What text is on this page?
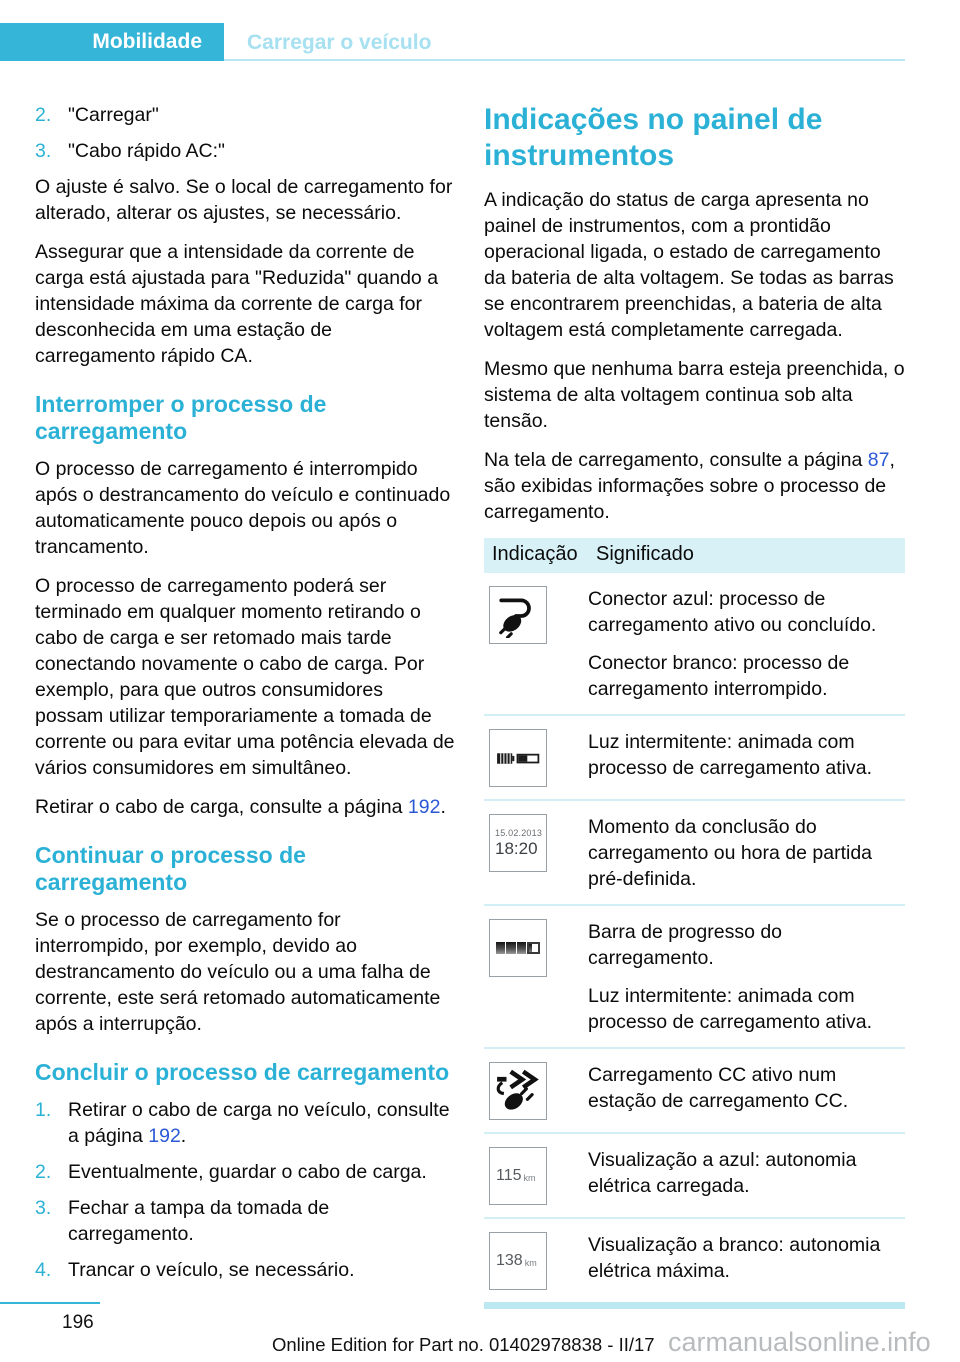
Mobilidade Carregar o veículo
2. "Carregar"
3. "Cabo rápido AC:"

O ajuste é salvo. Se o local de carregamento for alterado, alterar os ajustes, se necessário.

Assegurar que a intensidade da corrente de carga está ajustada para "Reduzida" quando a intensidade máxima da corrente de carga for desconhecida em uma estação de carregamento rápido CA.

Interromper o processo de carregamento

O processo de carregamento é interrompido após o destrancamento do veículo e continuado automaticamente pouco depois ou após o trancamento.

O processo de carregamento poderá ser terminado em qualquer momento retirando o cabo de carga e ser retomado mais tarde conectando novamente o cabo de carga. Por exemplo, para que outros consumidores possam utilizar temporariamente a tomada de corrente ou para evitar uma potência elevada de vários consumidores em simultâneo.

Retirar o cabo de carga, consulte a página 192.

Continuar o processo de carregamento

Se o processo de carregamento for interrompido, por exemplo, devido ao destrancamento do veículo ou a uma falha de corrente, este será retomado automaticamente após a interrupção.

Concluir o processo de carregamento
1. Retirar o cabo de carga no veículo, consulte a página 192.
2. Eventualmente, guardar o cabo de carga.
3. Fechar a tampa da tomada de carregamento.
4. Trancar o veículo, se necessário.
Indicações no painel de instrumentos

A indicação do status de carga apresenta no painel de instrumentos, com a prontidão operacional ligada, o estado de carregamento da bateria de alta voltagem. Se todas as barras se encontrarem preenchidas, a bateria de alta voltagem está completamente carregada.

Mesmo que nenhuma barra esteja preenchida, o sistema de alta voltagem continua sob alta tensão.

Na tela de carregamento, consulte a página 87, são exibidas informações sobre o processo de carregamento.

Indicação Significado

Conector azul: processo de carregamento ativo ou concluído.

Conector branco: processo de carregamento interrompido.

Luz intermitente: animada com processo de carregamento ativa.

15.02.2013
18:20

Momento da conclusão do carregamento ou hora de partida pré-definida.

Barra de progresso do carregamento.

Luz intermitente: animada com processo de carregamento ativa.

Carregamento CC ativo num estação de carregamento CC.

115 km

Visualização a azul: autonomia elétrica carregada.

138 km

Visualização a branco: autonomia elétrica máxima.

196
Online Edition for Part no. 01402978838 - II/17 carmanualsonline.info
